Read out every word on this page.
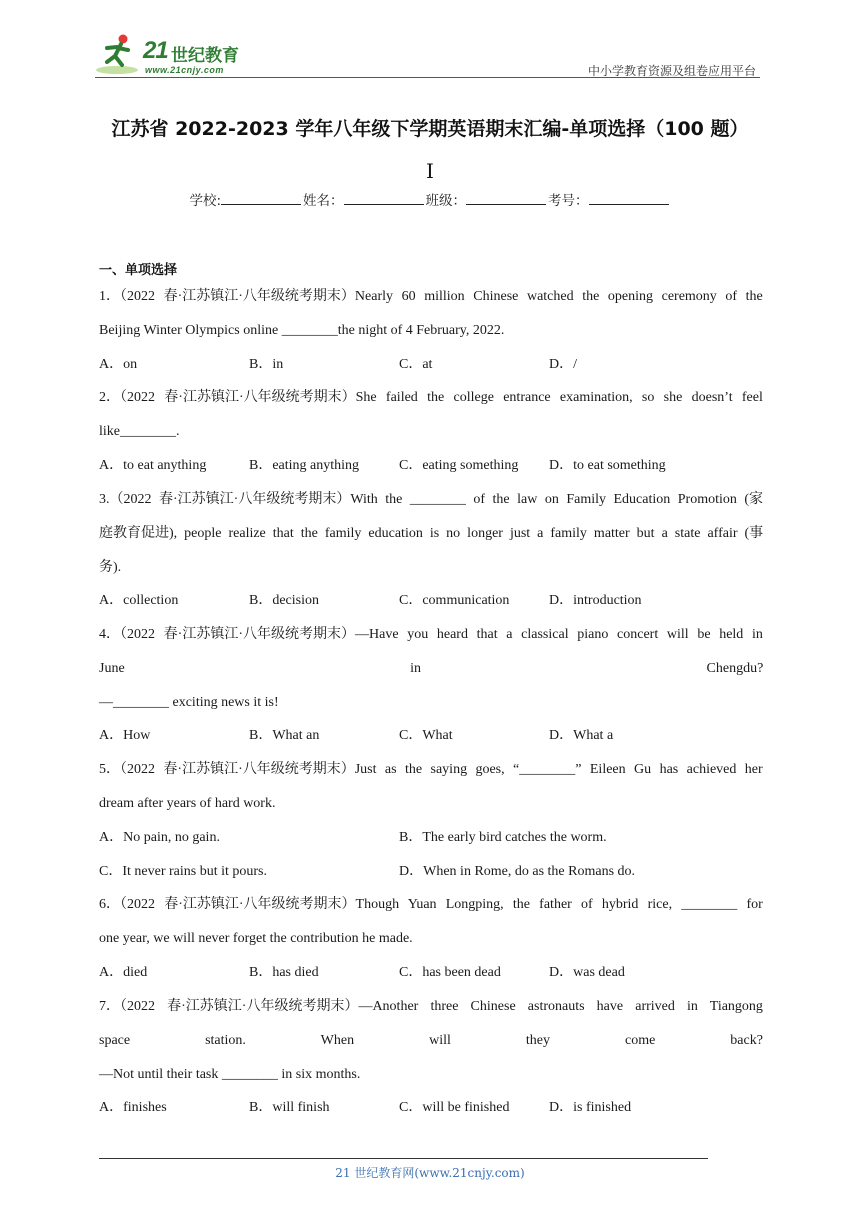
21 世纪教育
www.21cnjy.com	中小学教育资源及组卷应用平台
江苏省 2022-2023 学年八年级下学期英语期末汇编-单项选择（100 题）
I
学校:	姓名：	班级：	考号：
一、单项选择
1．（2022 春·江苏镇江·八年级统考期末）Nearly 60 million Chinese watched the opening ceremony of the
Beijing Winter Olympics online ________the night of 4 February, 2022.
A．on	B．in	C．at	D．/
2．（2022 春·江苏镇江·八年级统考期末）She failed the college entrance examination, so she doesn’t feel
like________.
A．to eat anything	B．eating anything	C．eating something D．to eat something
3.（2022 春·江苏镇江·八年级统考期末）With the ________ of the law on Family Education Promotion (家
庭教育促进), people realize that the family education is no longer just a family matter but a state affair (事
务).
A．collection	B．decision	C．communication	D．introduction
4．（2022 春·江苏镇江·八年级统考期末）—Have you heard that a classical piano concert will be held in
June in Chengdu?
—________ exciting news it is!
A．How	B．What an	C．What	D．What a
5．（2022 春·江苏镇江·八年级统考期末）Just as the saying goes, “________” Eileen Gu has achieved her
dream after years of hard work.
A．No pain, no gain.	B．The early bird catches the worm.
C．It never rains but it pours.	D．When in Rome, do as the Romans do.
6．（2022 春·江苏镇江·八年级统考期末）Though Yuan Longping, the father of hybrid rice, ________ for
one year, we will never forget the contribution he made.
A．died	B．has died	C．has been dead	D．was dead
7．（2022 春·江苏镇江·八年级统考期末）—Another three Chinese astronauts have arrived in Tiangong
space station. When will they come back?
—Not until their task ________ in six months.
A．finishes	B．will finish	C．will be finished	D．is finished
21 世纪教育网(www.21cnjy.com)
